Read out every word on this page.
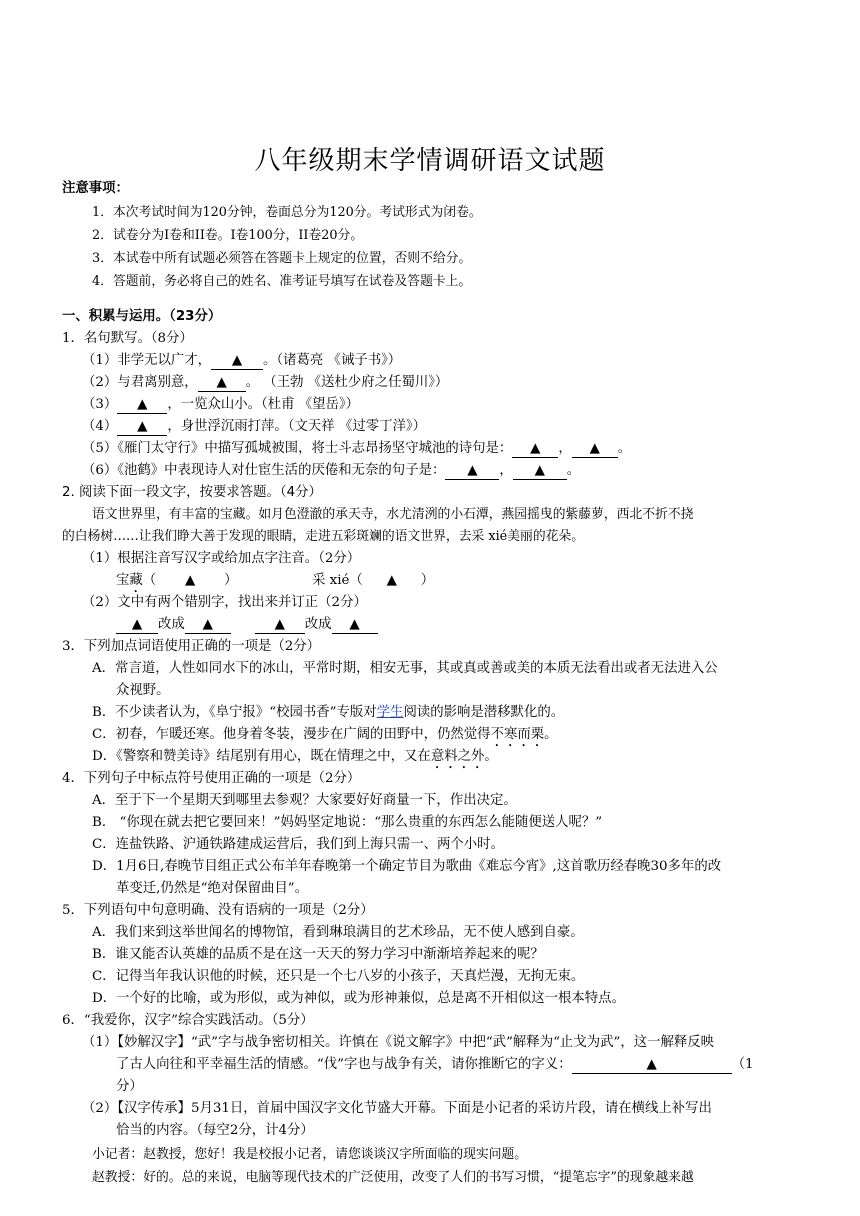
八年级期末学情调研语文试题
注意事项：
1．本次考试时间为120分钟，卷面总分为120分。考试形式为闭卷。
2．试卷分为I卷和II卷。I卷100分，II卷20分。
3．本试卷中所有试题必须答在答题卡上规定的位置，否则不给分。
4．答题前，务必将自己的姓名、准考证号填写在试卷及答题卡上。
一、积累与运用。（23分）
1．名句默写。（8分）
（1）非学无以广才， ▲ 。（诸葛亮 《诫子书》）
（2）与君离别意， ▲ 。 （王勃 《送杜少府之任蜀川》）
（3） ▲ ，一览众山小。（杜甫 《望岳》）
（4） ▲ ，身世浮沉雨打萍。（文天祥 《过零丁洋》）
（5）《雁门太守行》中描写孤城被围，将士斗志昂扬坚守城池的诗句是： ▲ ， ▲ 。
（6）《池鹤》中表现诗人对仕宦生活的厌倦和无奈的句子是： ▲ ， ▲ 。
2. 阅读下面一段文字，按要求答题。（4分）
语文世界里，有丰富的宝藏。如月色澄澈的承天寺，水尤清洌的小石潭，燕园摇曳的紫藤萝，西北不折不挠
的白杨树……让我们睁大善于发现的眼睛，走进五彩斑斓的语文世界，去采 xié美丽的花朵。
（1）根据注音写汉字或给加点字注音。（2分）
宝藏（ ▲ ）	采 xié（ ▲ ）
（2）文中有两个错别字，找出来并订正（2分）
▲ 改成 ▲	▲ 改成 ▲
3．下列加点词语使用正确的一项是（2分）
A．常言道，人性如同水下的冰山，平常时期，相安无事，其或真或善或美的本质无法看出或者无法进入公
众视野。
B．不少读者认为，《阜宁报》“校园书香”专版对学生阅读的影响是潜移默化的。
C．初春，乍暖还寒。他身着冬装，漫步在广阔的田野中，仍然觉得不寒而栗。
D．《警察和赞美诗》结尾别有用心，既在情理之中，又在意料之外。
4．下列句子中标点符号使用正确的一项是（2分）
A．至于下一个星期天到哪里去参观？大家要好好商量一下，作出决定。
B． “你现在就去把它要回来！”妈妈坚定地说：“那么贵重的东西怎么能随便送人呢？”
C．连盐铁路、沪通铁路建成运营后，我们到上海只需一、两个小时。
D．1月6日,春晚节目组正式公布羊年春晚第一个确定节目为歌曲《难忘今宵》,这首歌历经春晚30多年的改
革变迁,仍然是“绝对保留曲目”。
5．下列语句中句意明确、没有语病的一项是（2分）
A．我们来到这举世闻名的博物馆，看到琳琅满目的艺术珍品，无不使人感到自豪。
B．谁又能否认英雄的品质不是在这一天天的努力学习中渐渐培养起来的呢？
C．记得当年我认识他的时候，还只是一个七八岁的小孩子，天真烂漫，无拘无束。
D．一个好的比喻，或为形似，或为神似，或为形神兼似，总是离不开相似这一根本特点。
6．“我爱你，汉字”综合实践活动。（5分）
（1）【妙解汉字】“武”字与战争密切相关。许慎在《说文解字》中把“武”解释为“止戈为武”，这一解释反映
了古人向往和平幸福生活的情感。“伐”字也与战争有关，请你推断它的字义：	▲	（1
分）
（2）【汉字传承】5月31日，首届中国汉字文化节盛大开幕。下面是小记者的采访片段，请在横线上补写出
恰当的内容。（每空2分，计4分）
小记者：赵教授，您好！我是校报小记者，请您谈谈汉字所面临的现实问题。
赵教授：好的。总的来说，电脑等现代技术的广泛使用，改变了人们的书写习惯，“提笔忘字”的现象越来越
